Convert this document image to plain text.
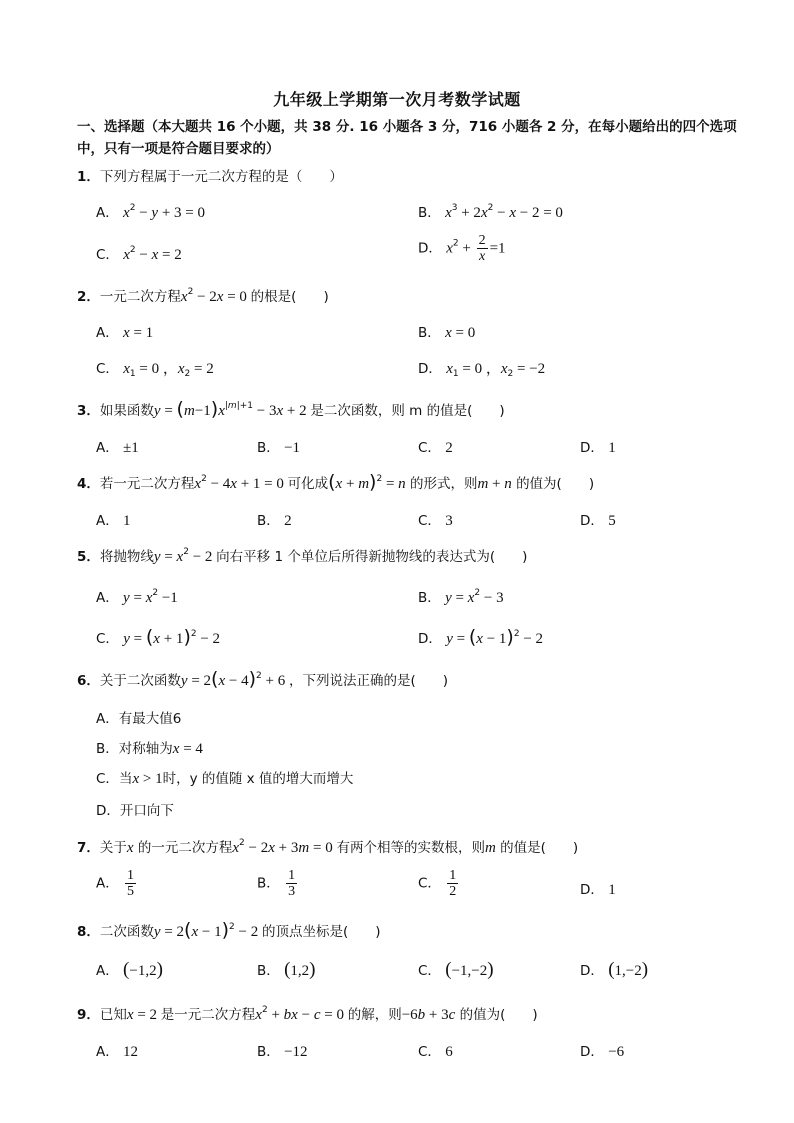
九年级上学期第一次月考数学试题
一、选择题（本大题共 16 个小题，共 38 分. 16 小题各 3 分，716 小题各 2 分，在每小题给出的四个选项中，只有一项是符合题目要求的）
1．下列方程属于一元二次方程的是（　　）
A． $x^2 - y + 3 = 0$	B． $x^3 + 2x^2 - x - 2 = 0$
C． $x^2 - x = 2$	D． $x^2 + \frac{2}{x} =1$
2．一元二次方程$x^2 - 2x = 0$ 的根是(　　)
A． x = 1	B． x = 0
C． $x_1 = 0$ ，$x_2 = 2$	D． $x_1 = 0$ ，$x_2 = -2$
3．如果函数$y = (m-1)x^{|m|+1} - 3x + 2$ 是二次函数，则 m 的值是(　　)
A． ±1	B． −1	C． 2	D． 1
4．若一元二次方程$x^2 - 4x + 1 = 0$ 可化成$(x + m)^2 = n$ 的形式，则m + n 的值为(　　)
A． 1	B． 2	C． 3	D． 5
5．将抛物线$y = x^2 - 2$ 向右平移 1 个单位后所得新抛物线的表达式为(　　)
A． $y = x^2 -1$	B． $y = x^2 - 3$
C． $y = (x + 1)^2 - 2$	D． $y = (x - 1)^2 - 2$
6．关于二次函数$y = 2(x - 4)^2 + 6$ ，下列说法正确的是(　　)
A．有最大值6
B．对称轴为x = 4
C．当x > 1时，y 的值随 x 值的增大而增大
D．开口向下
7．关于x 的一元二次方程$x^2 - 2x + 3m = 0$ 有两个相等的实数根，则m 的值是(　　)
A． $\frac{1}{5}$	B． $\frac{1}{3}$	C． $\frac{1}{2}$	D． 1
8．二次函数$y = 2(x - 1)^2 - 2$ 的顶点坐标是(　　)
A． (−1,2)	B． (1,2)	C． (−1,−2)	D． (1,−2)
9．已知x = 2 是一元二次方程$x^2$ + bx − c = 0 的解，则−6b + 3c 的值为(　　)
A． 12	B． −12	C． 6	D． −6
